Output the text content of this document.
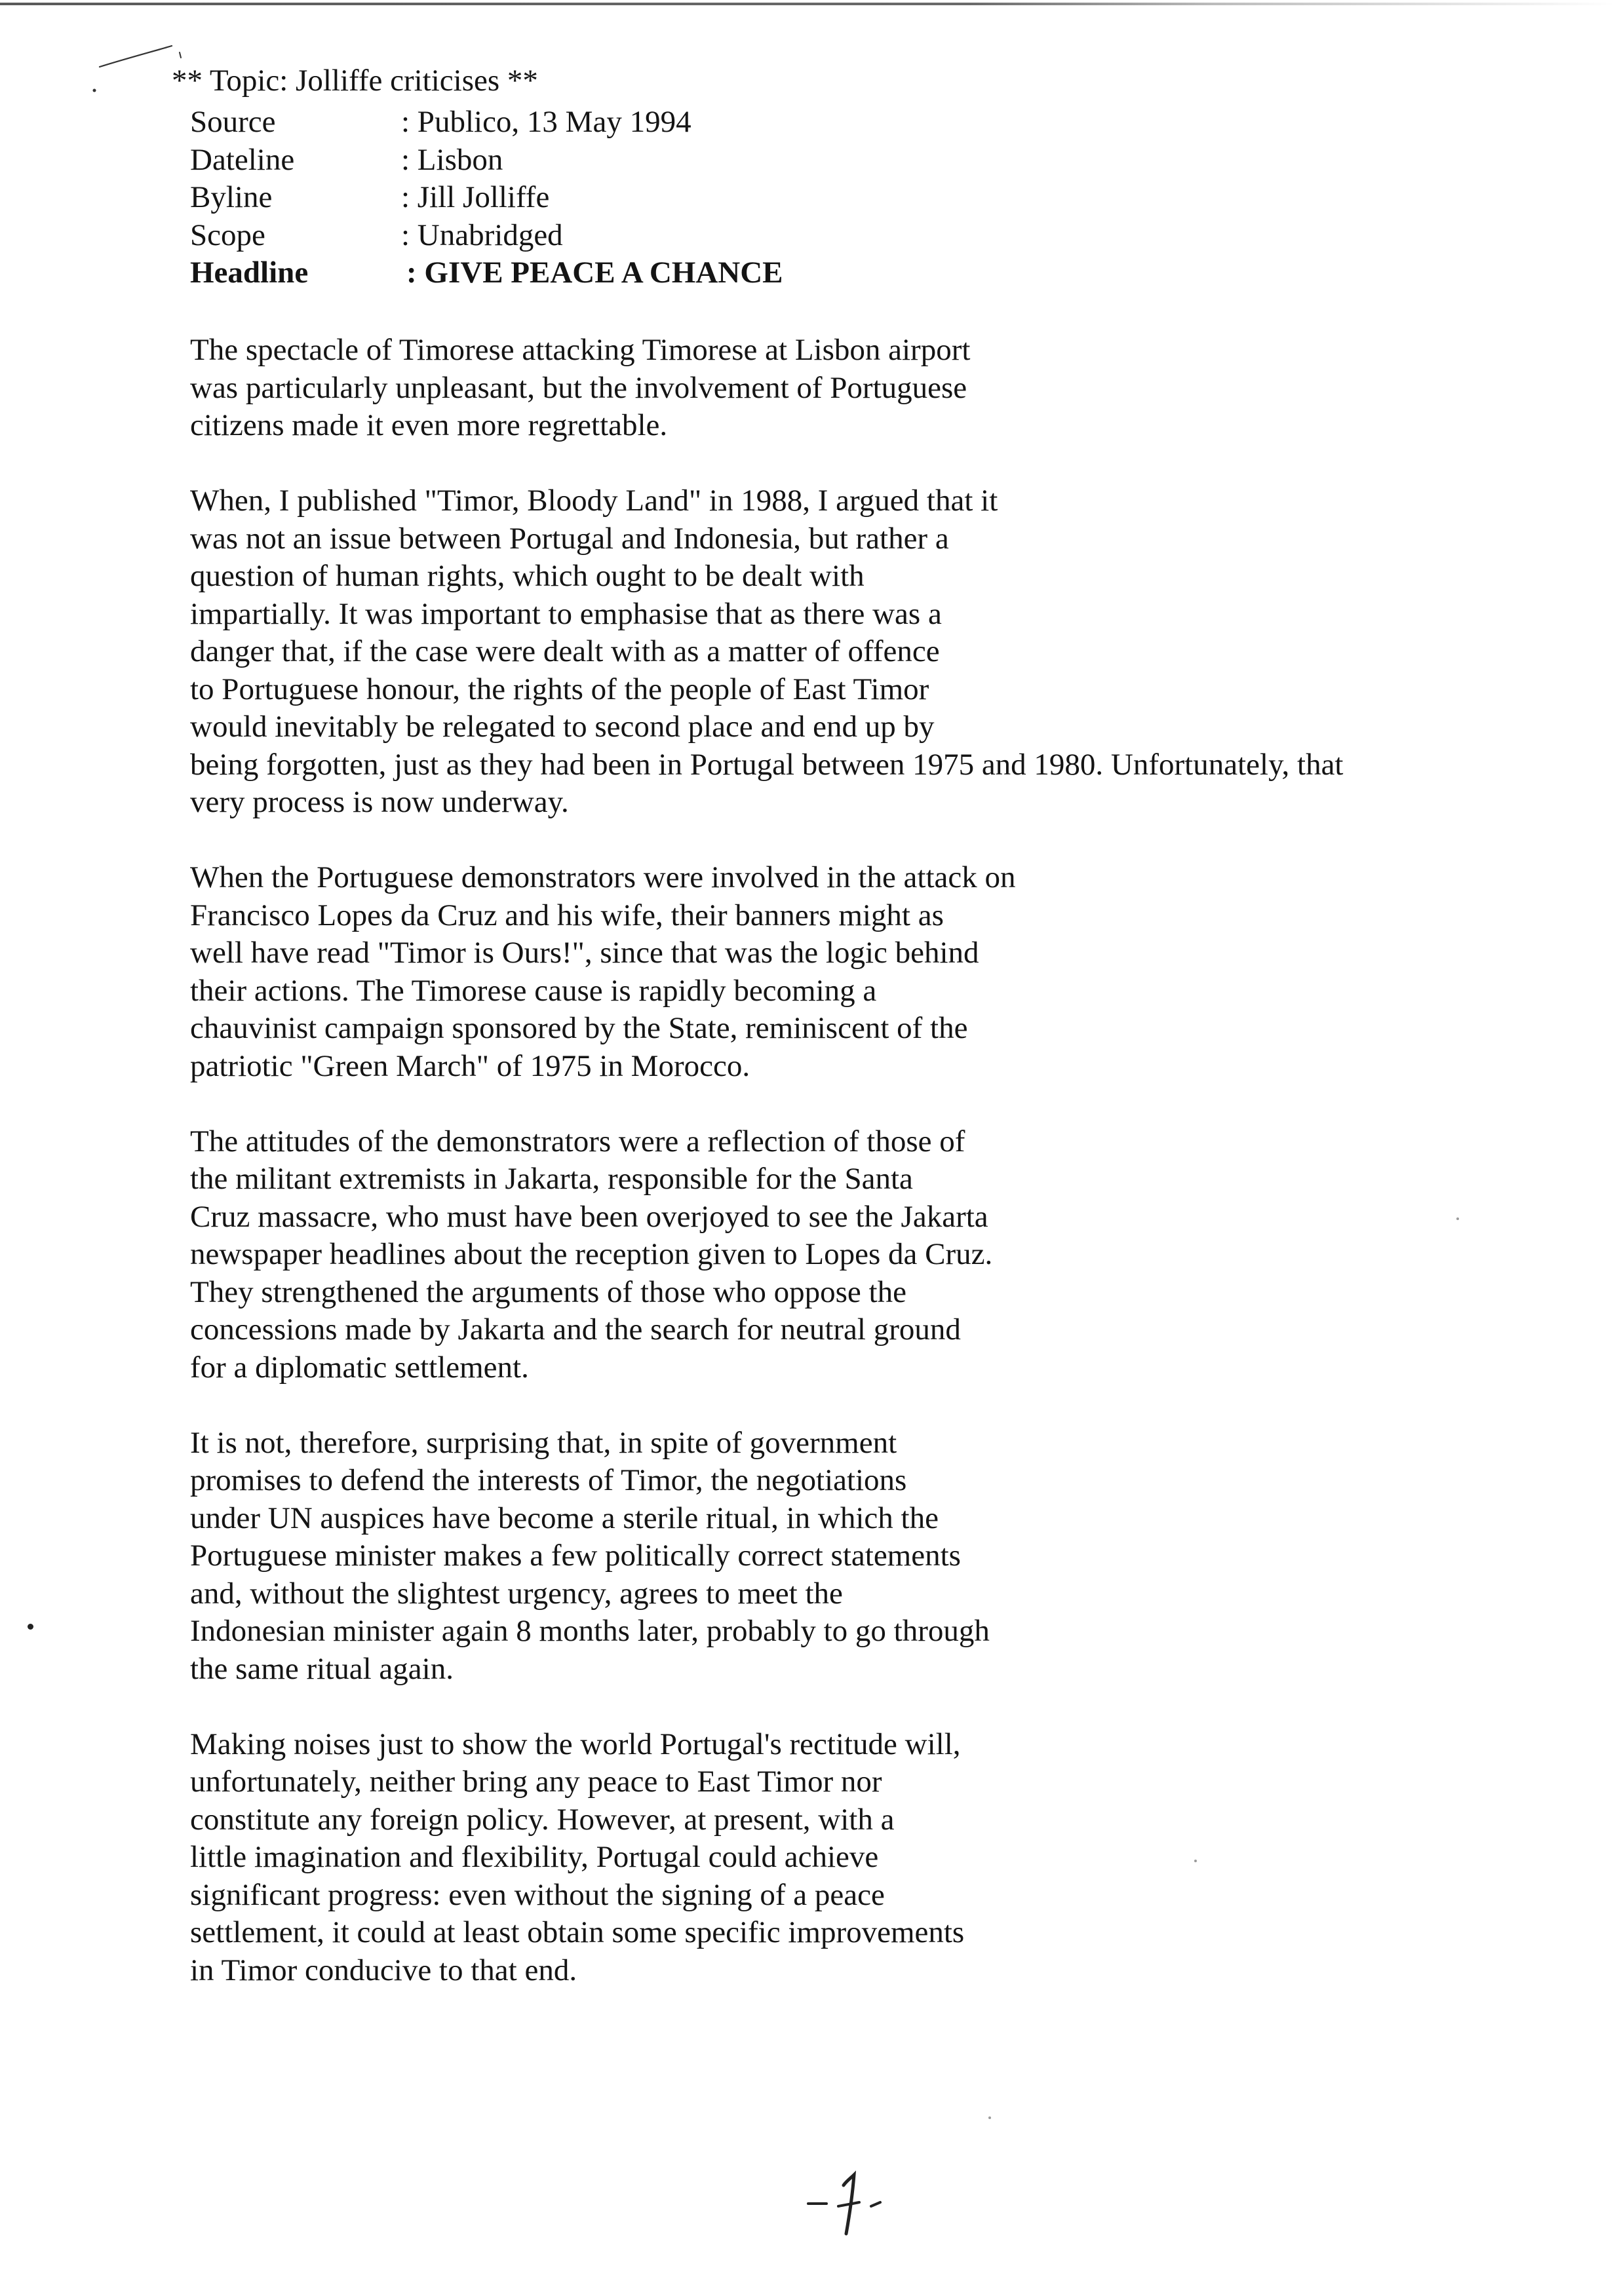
** Topic: Jolliffe criticises **
Source	: Publico, 13 May 1994
Dateline	: Lisbon
Byline	: Jill Jolliffe
Scope	: Unabridged
Headline	: GIVE PEACE A CHANCE

The spectacle of Timorese attacking Timorese at Lisbon airport
was particularly unpleasant, but the involvement of Portuguese
citizens made it even more regrettable.

When, I published "Timor, Bloody Land" in 1988, I argued that it
was not an issue between Portugal and Indonesia, but rather a
question of human rights, which ought to be dealt with
impartially. It was important to emphasise that as there was a
danger that, if the case were dealt with as a matter of offence
to Portuguese honour, the rights of the people of East Timor
would inevitably be relegated to second place and end up by
being forgotten, just as they had been in Portugal between 1975 and 1980. Unfortunately, that
very process is now underway.

When the Portuguese demonstrators were involved in the attack on
Francisco Lopes da Cruz and his wife, their banners might as
well have read "Timor is Ours!", since that was the logic behind
their actions. The Timorese cause is rapidly becoming a
chauvinist campaign sponsored by the State, reminiscent of the
patriotic "Green March" of 1975 in Morocco.

The attitudes of the demonstrators were a reflection of those of
the militant extremists in Jakarta, responsible for the Santa
Cruz massacre, who must have been overjoyed to see the Jakarta
newspaper headlines about the reception given to Lopes da Cruz.
They strengthened the arguments of those who oppose the
concessions made by Jakarta and the search for neutral ground
for a diplomatic settlement.

It is not, therefore, surprising that, in spite of government
promises to defend the interests of Timor, the negotiations
under UN auspices have become a sterile ritual, in which the
Portuguese minister makes a few politically correct statements
and, without the slightest urgency, agrees to meet the
Indonesian minister again 8 months later, probably to go through
the same ritual again.

Making noises just to show the world Portugal's rectitude will,
unfortunately, neither bring any peace to East Timor nor
constitute any foreign policy. However, at present, with a
little imagination and flexibility, Portugal could achieve
significant progress: even without the signing of a peace
settlement, it could at least obtain some specific improvements
in Timor conducive to that end.
